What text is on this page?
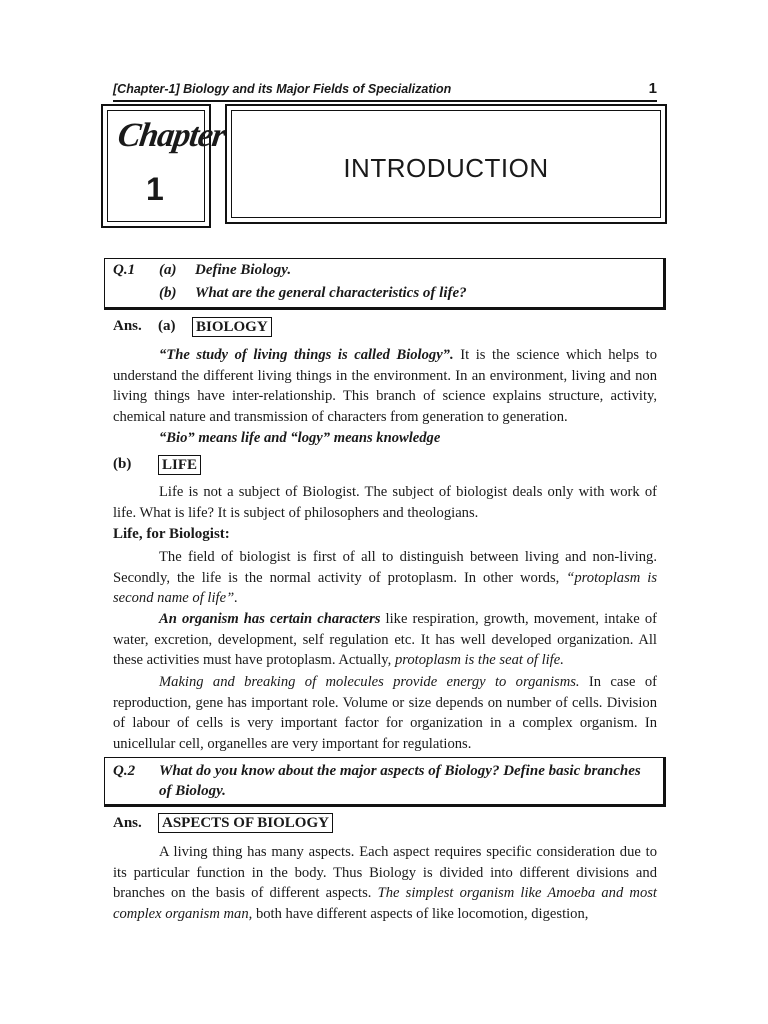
[Chapter-1] Biology and its Major Fields of Specialization	1
Chapter
1
INTRODUCTION
Q.1 (a) Define Biology.
(b) What are the general characteristics of life?
Ans. (a) BIOLOGY
“The study of living things is called Biology”. It is the science which helps to understand the different living things in the environment. In an environment, living and non living things have inter-relationship. This branch of science explains structure, activity, chemical nature and transmission of characters from generation to generation.
“Bio” means life and “logy” means knowledge
(b) LIFE
Life is not a subject of Biologist. The subject of biologist deals only with work of life. What is life? It is subject of philosophers and theologians.
Life, for Biologist:
The field of biologist is first of all to distinguish between living and non-living. Secondly, the life is the normal activity of protoplasm. In other words, “protoplasm is second name of life”.
An organism has certain characters like respiration, growth, movement, intake of water, excretion, development, self regulation etc. It has well developed organization. All these activities must have protoplasm. Actually, protoplasm is the seat of life.
Making and breaking of molecules provide energy to organisms. In case of reproduction, gene has important role. Volume or size depends on number of cells. Division of labour of cells is very important factor for organization in a complex organism. In unicellular cell, organelles are very important for regulations.
Q.2 What do you know about the major aspects of Biology? Define basic branches
of Biology.
Ans. ASPECTS OF BIOLOGY
A living thing has many aspects. Each aspect requires specific consideration due to its particular function in the body. Thus Biology is divided into different divisions and branches on the basis of different aspects. The simplest organism like Amoeba and most complex organism man, both have different aspects of like locomotion, digestion,
